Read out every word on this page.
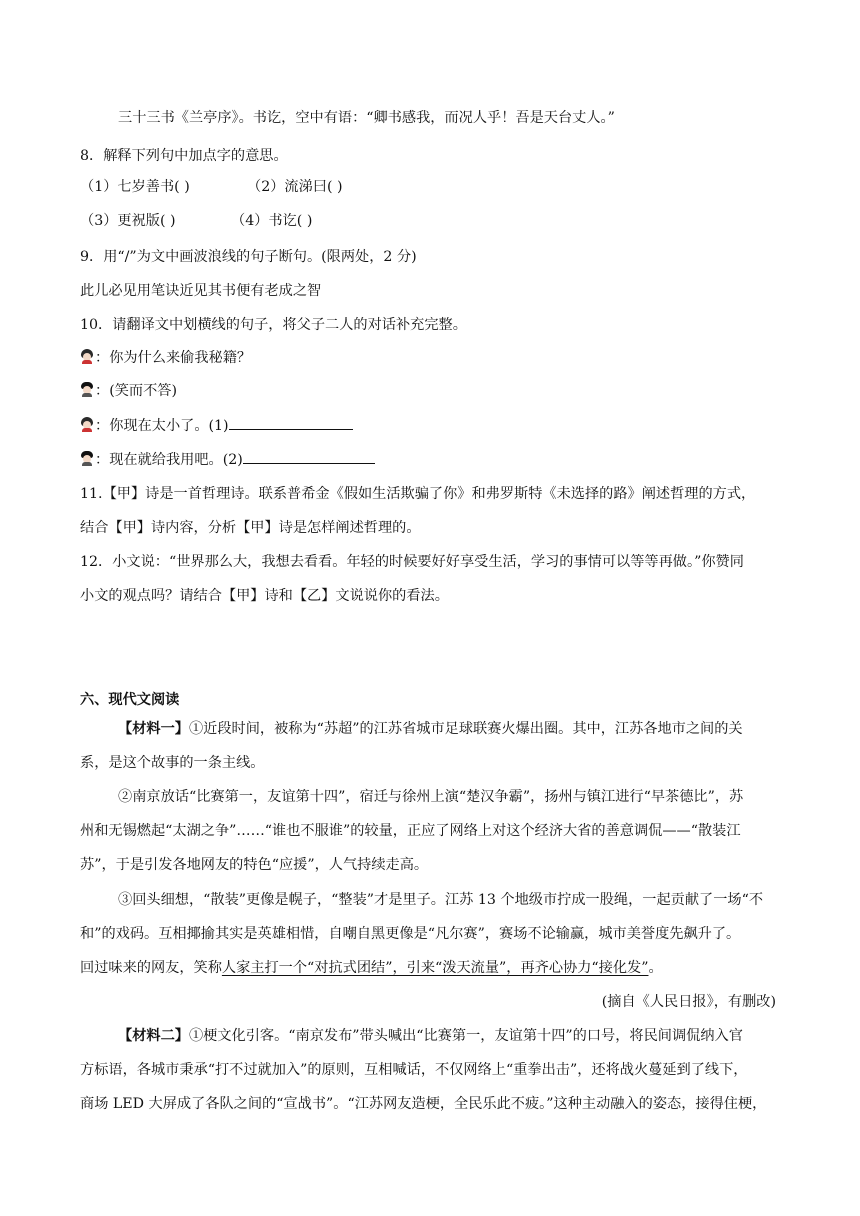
三十三书《兰亭序》。书讫，空中有语：“卿书感我，而况人乎！吾是天台丈人。”
8．解释下列句中加点字的意思。
（1）七岁善书( )	（2）流涕曰( )
（3）更祝版( )	（4）书讫( )
9．用“/”为文中画波浪线的句子断句。(限两处，2 分)
此儿必见用笔诀近见其书便有老成之智
10．请翻译文中划横线的句子，将父子二人的对话补充完整。
：你为什么来偷我秘籍？
：(笑而不答)
：你现在太小了。(1)
：现在就给我用吧。(2)
11.【甲】诗是一首哲理诗。联系普希金《假如生活欺骗了你》和弗罗斯特《未选择的路》阐述哲理的方式，
结合【甲】诗内容，分析【甲】诗是怎样阐述哲理的。
12．小文说：“世界那么大，我想去看看。年轻的时候要好好享受生活，学习的事情可以等等再做。”你赞同
小文的观点吗？请结合【甲】诗和【乙】文说说你的看法。
六、现代文阅读
【材料一】①近段时间，被称为“苏超”的江苏省城市足球联赛火爆出圈。其中，江苏各地市之间的关
系，是这个故事的一条主线。
②南京放话“比赛第一，友谊第十四”，宿迁与徐州上演“楚汉争霸”，扬州与镇江进行“早茶德比”，苏
州和无锡燃起“太湖之争”……“谁也不服谁”的较量，正应了网络上对这个经济大省的善意调侃——“散装江
苏”，于是引发各地网友的特色“应援”，人气持续走高。
③回头细想，“散装”更像是幌子，“整装”才是里子。江苏 13 个地级市拧成一股绳，一起贡献了一场“不
和”的戏码。互相揶揄其实是英雄相惜，自嘲自黑更像是“凡尔赛”，赛场不论输赢，城市美誉度先飙升了。
回过味来的网友，笑称人家主打一个“对抗式团结”，引来“泼天流量”，再齐心协力“接化发”。
(摘自《人民日报》，有删改)
【材料二】①梗文化引客。“南京发布”带头喊出“比赛第一，友谊第十四”的口号，将民间调侃纳入官
方标语，各城市秉承“打不过就加入”的原则，互相喊话，不仅网络上“重拳出击”，还将战火蔓延到了线下，
商场 LED 大屏成了各队之间的“宣战书”。“江苏网友造梗，全民乐此不疲。”这种主动融入的姿态，接得住梗，
